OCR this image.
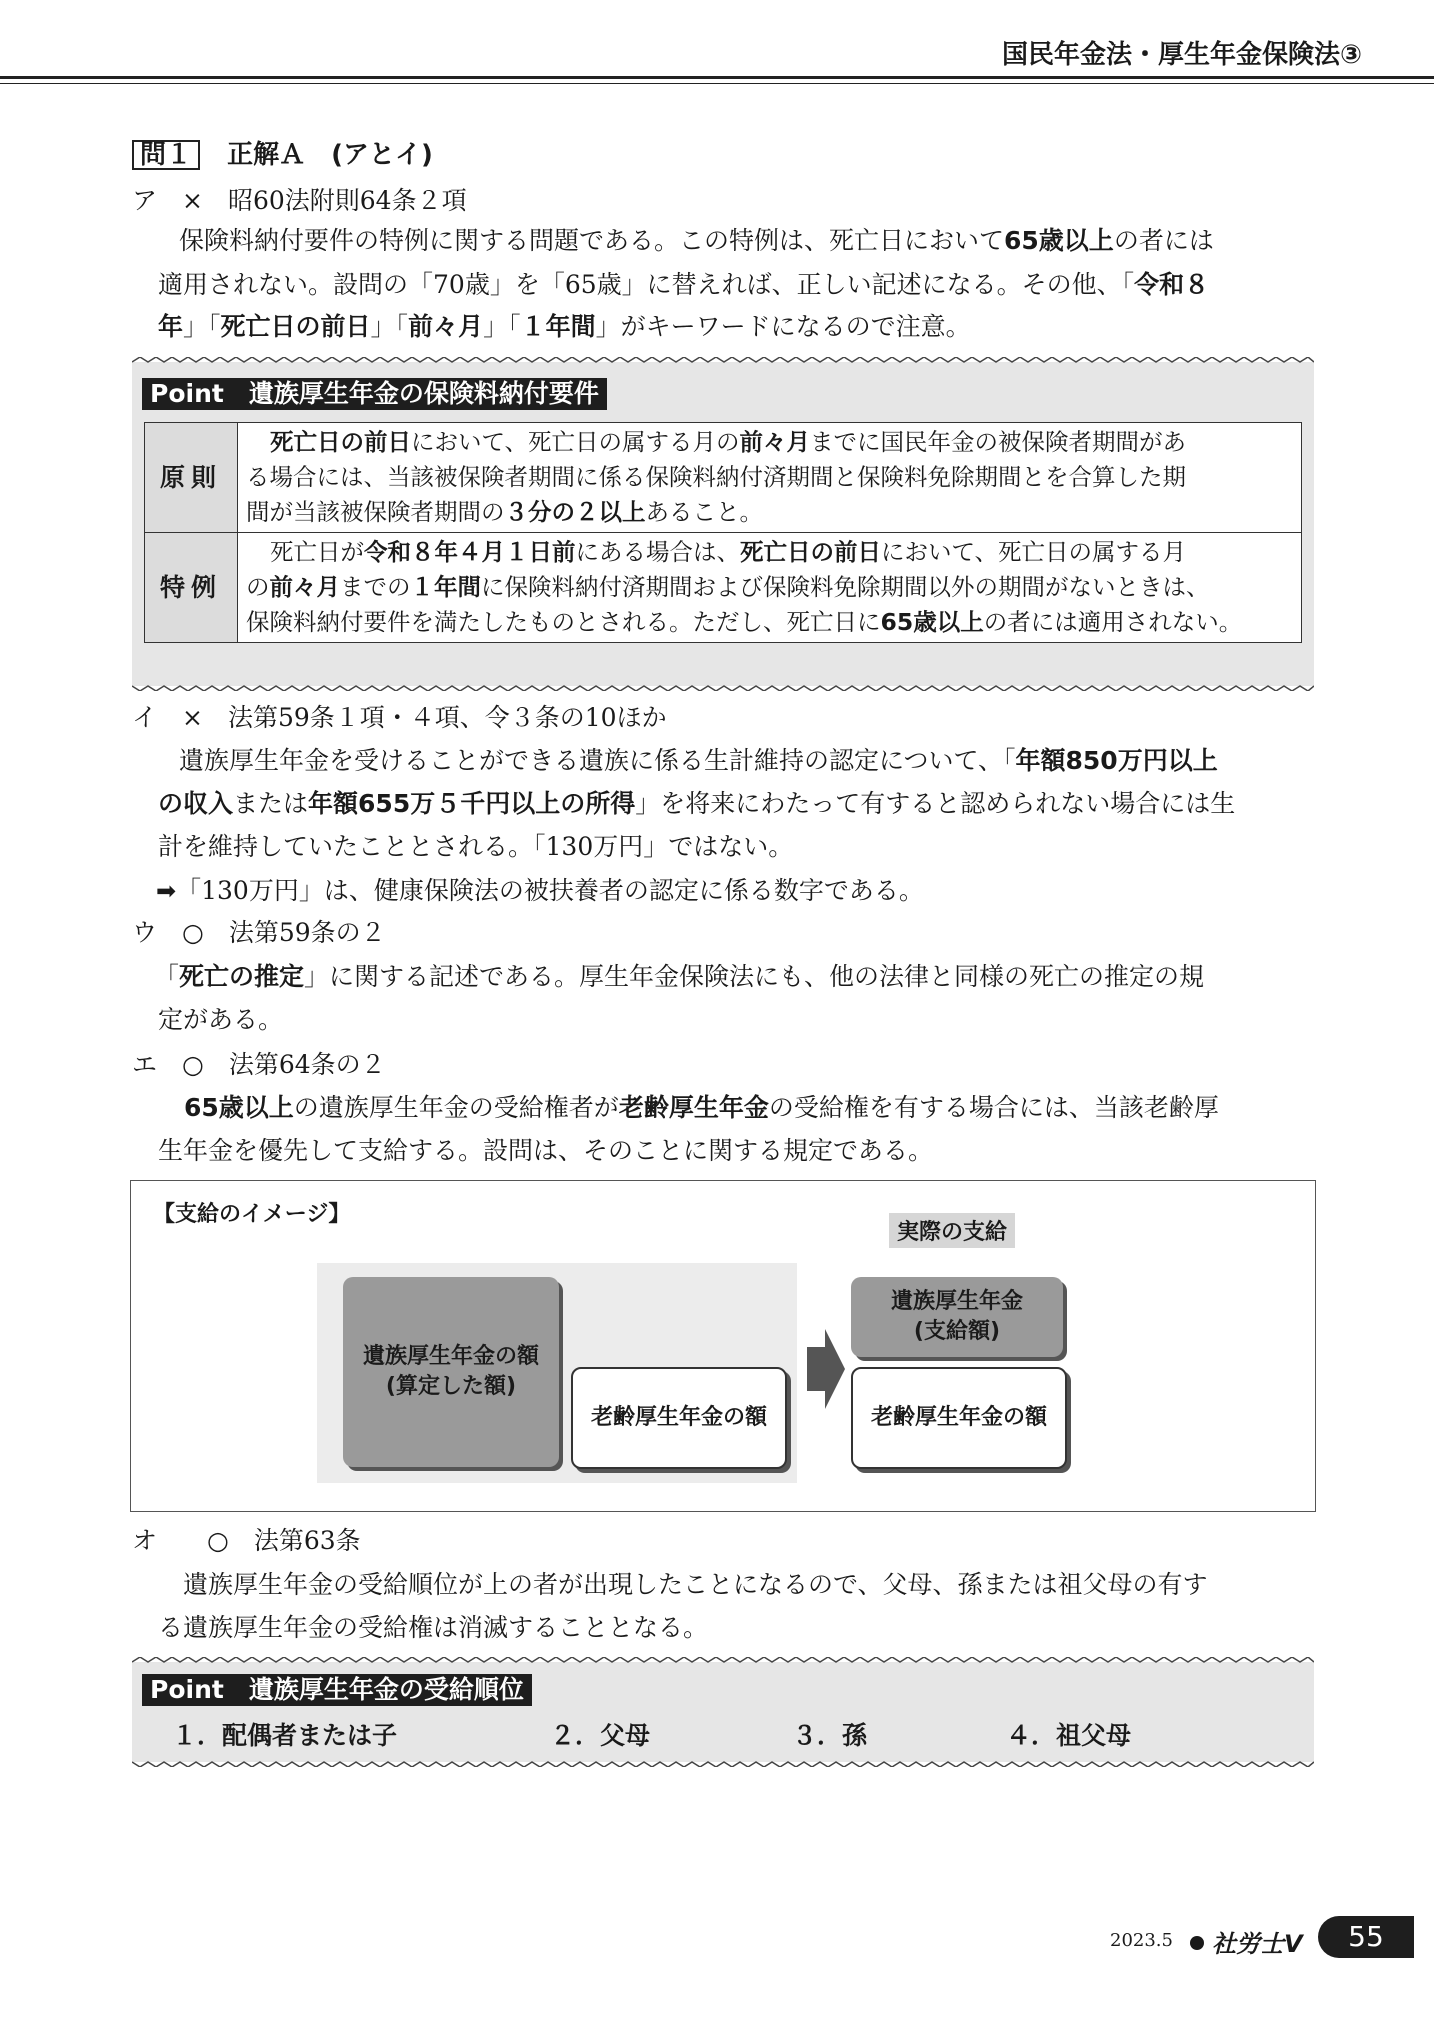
国民年金法・厚生年金保険法③
問１ 正解Ａ　(アとイ)
ア　×　昭60法附則64条２項
　保険料納付要件の特例に関する問題である。この特例は、死亡日において65歳以上の者には
適用されない。設問の「70歳」を「65歳」に替えれば、正しい記述になる。その他、「令和８
年」「死亡日の前日」「前々月」「１年間」がキーワードになるので注意。
Point　遺族厚生年金の保険料納付要件
原則	死亡日の前日において、死亡日の属する月の前々月までに国民年金の被保険者期間があ
る場合には、当該被保険者期間に係る保険料納付済期間と保険料免除期間とを合算した期
間が当該被保険者期間の３分の２以上あること。

特例	死亡日が令和８年４月１日前にある場合は、死亡日の前日において、死亡日の属する月
の前々月までの１年間に保険料納付済期間および保険料免除期間以外の期間がないときは、
保険料納付要件を満たしたものとされる。ただし、死亡日に65歳以上の者には適用されない。
イ　×　法第59条１項・４項、令３条の10ほか
　遺族厚生年金を受けることができる遺族に係る生計維持の認定について、「年額850万円以上
の収入または年額655万５千円以上の所得」を将来にわたって有すると認められない場合には生
計を維持していたこととされる。「130万円」ではない。
➡「130万円」は、健康保険法の被扶養者の認定に係る数字である。
ウ　○　法第59条の２
「死亡の推定」に関する記述である。厚生年金保険法にも、他の法律と同様の死亡の推定の規
定がある。
エ　○　法第64条の２
65歳以上の遺族厚生年金の受給権者が老齢厚生年金の受給権を有する場合には、当該老齢厚
生年金を優先して支給する。設問は、そのことに関する規定である。
【支給のイメージ】
実際の支給
遺族厚生年金の額
(算定した額)
老齢厚生年金の額
遺族厚生年金
(支給額)
老齢厚生年金の額
オ　　○　法第63条
　遺族厚生年金の受給順位が上の者が出現したことになるので、父母、孫または祖父母の有す
る遺族厚生年金の受給権は消滅することとなる。
Point　遺族厚生年金の受給順位
１．配偶者または子	２．父母	３．孫	４．祖父母
2023.5 社労士V	55
